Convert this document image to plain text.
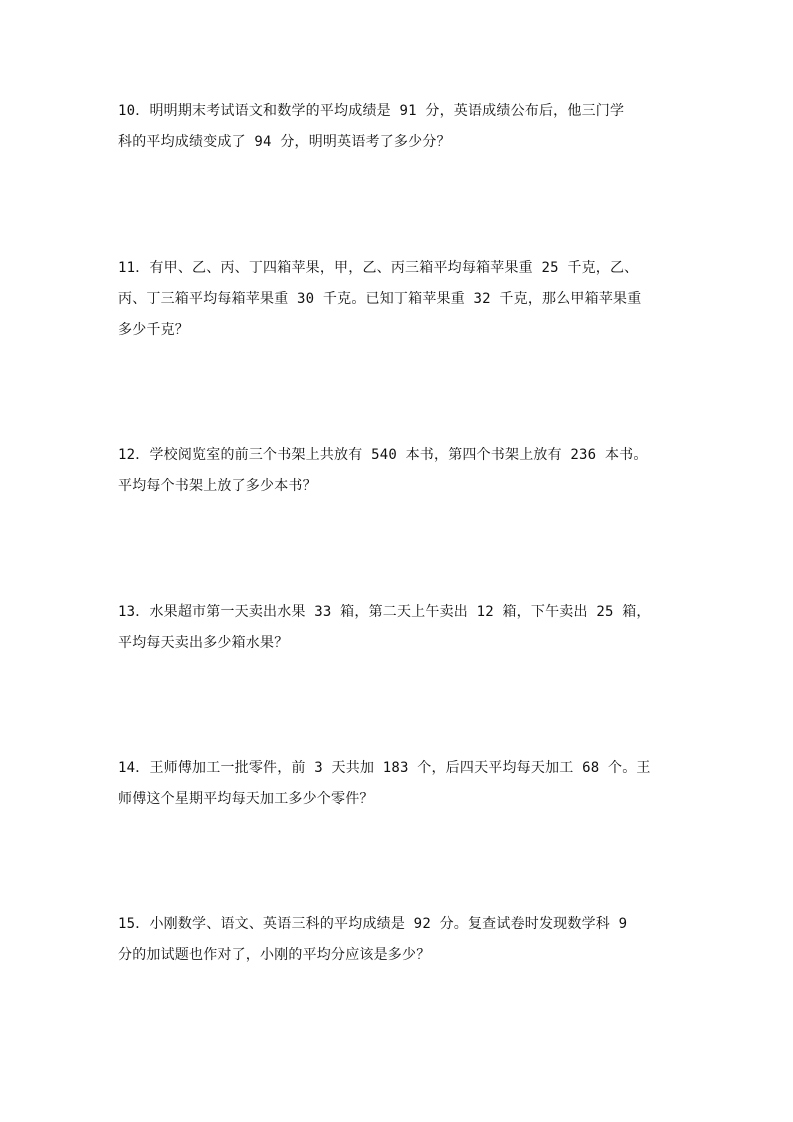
10．明明期末考试语文和数学的平均成绩是 91 分，英语成绩公布后，他三门学
科的平均成绩变成了 94 分，明明英语考了多少分？
11．有甲、乙、丙、丁四箱苹果，甲，乙、丙三箱平均每箱苹果重 25 千克，乙、
丙、丁三箱平均每箱苹果重 30 千克。已知丁箱苹果重 32 千克，那么甲箱苹果重
多少千克？
12．学校阅览室的前三个书架上共放有 540 本书，第四个书架上放有 236 本书。
平均每个书架上放了多少本书？
13．水果超市第一天卖出水果 33 箱，第二天上午卖出 12 箱，下午卖出 25 箱，
平均每天卖出多少箱水果？
14．王师傅加工一批零件，前 3 天共加 183 个，后四天平均每天加工 68 个。王
师傅这个星期平均每天加工多少个零件？
15．小刚数学、语文、英语三科的平均成绩是 92 分。复查试卷时发现数学科 9
分的加试题也作对了，小刚的平均分应该是多少？
